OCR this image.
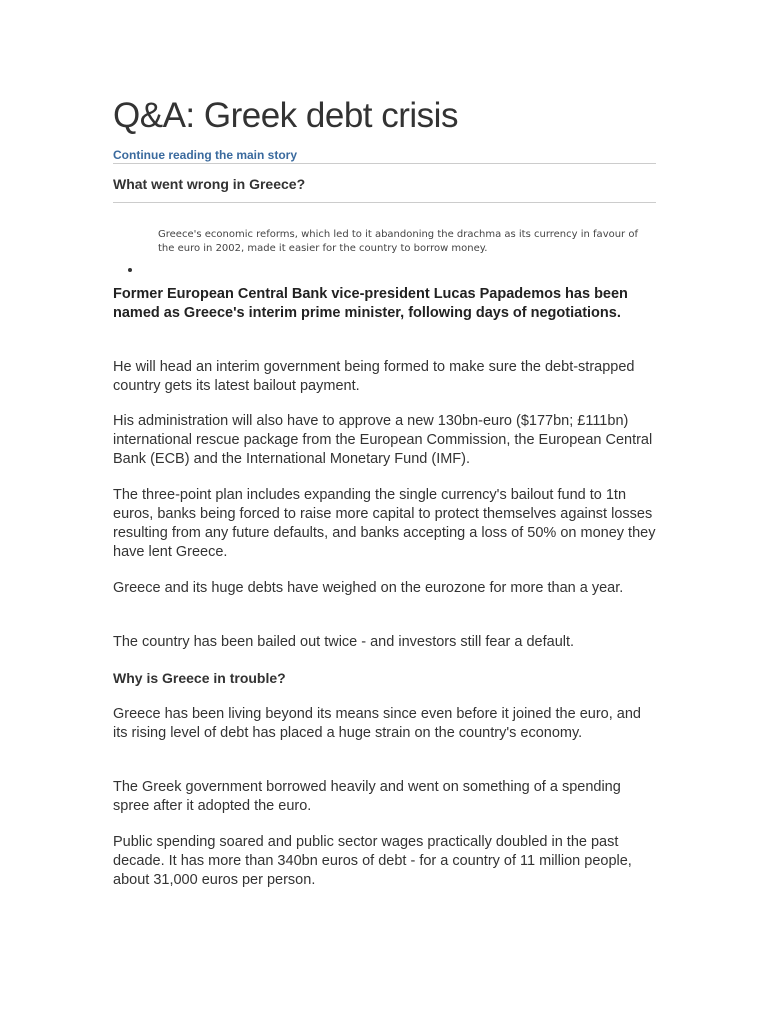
Q&A: Greek debt crisis
Continue reading the main story
What went wrong in Greece?

Greece's economic reforms, which led to it abandoning the drachma as its currency in favour of the euro in 2002, made it easier for the country to borrow money.

Former European Central Bank vice-president Lucas Papademos has been named as Greece's interim prime minister, following days of negotiations.

He will head an interim government being formed to make sure the debt-strapped country gets its latest bailout payment.

His administration will also have to approve a new 130bn-euro ($177bn; £111bn) international rescue package from the European Commission, the European Central Bank (ECB) and the International Monetary Fund (IMF).

The three-point plan includes expanding the single currency's bailout fund to 1tn euros, banks being forced to raise more capital to protect themselves against losses resulting from any future defaults, and banks accepting a loss of 50% on money they have lent Greece.

Greece and its huge debts have weighed on the eurozone for more than a year.

The country has been bailed out twice - and investors still fear a default.

Why is Greece in trouble?

Greece has been living beyond its means since even before it joined the euro, and its rising level of debt has placed a huge strain on the country's economy.

The Greek government borrowed heavily and went on something of a spending spree after it adopted the euro.

Public spending soared and public sector wages practically doubled in the past decade. It has more than 340bn euros of debt - for a country of 11 million people, about 31,000 euros per person.
